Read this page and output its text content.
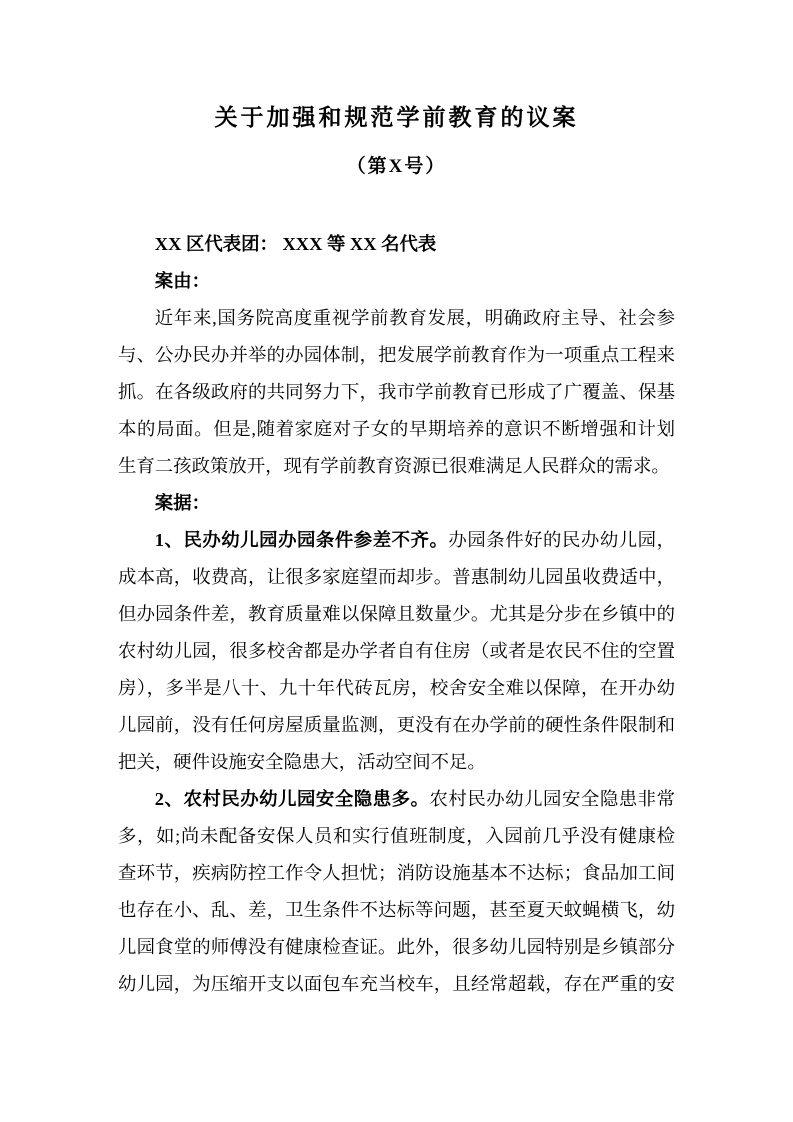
关于加强和规范学前教育的议案
（第X号）
XX 区代表团： XXX 等 XX 名代表
案由：
近年来,国务院高度重视学前教育发展，明确政府主导、社会参
与、公办民办并举的办园体制，把发展学前教育作为一项重点工程来
抓。在各级政府的共同努力下，我市学前教育已形成了广覆盖、保基
本的局面。但是,随着家庭对子女的早期培养的意识不断增强和计划
生育二孩政策放开，现有学前教育资源已很难满足人民群众的需求。
案据：
1、民办幼儿园办园条件参差不齐。办园条件好的民办幼儿园，
成本高，收费高，让很多家庭望而却步。普惠制幼儿园虽收费适中，
但办园条件差，教育质量难以保障且数量少。尤其是分步在乡镇中的
农村幼儿园，很多校舍都是办学者自有住房（或者是农民不住的空置
房），多半是八十、九十年代砖瓦房，校舍安全难以保障，在开办幼
儿园前，没有任何房屋质量监测，更没有在办学前的硬性条件限制和
把关，硬件设施安全隐患大，活动空间不足。
2、农村民办幼儿园安全隐患多。农村民办幼儿园安全隐患非常
多，如;尚未配备安保人员和实行值班制度，入园前几乎没有健康检
查环节，疾病防控工作令人担忧；消防设施基本不达标；食品加工间
也存在小、乱、差，卫生条件不达标等问题，甚至夏天蚊蝇横飞，幼
儿园食堂的师傅没有健康检查证。此外，很多幼儿园特别是乡镇部分
幼儿园，为压缩开支以面包车充当校车，且经常超载，存在严重的安
